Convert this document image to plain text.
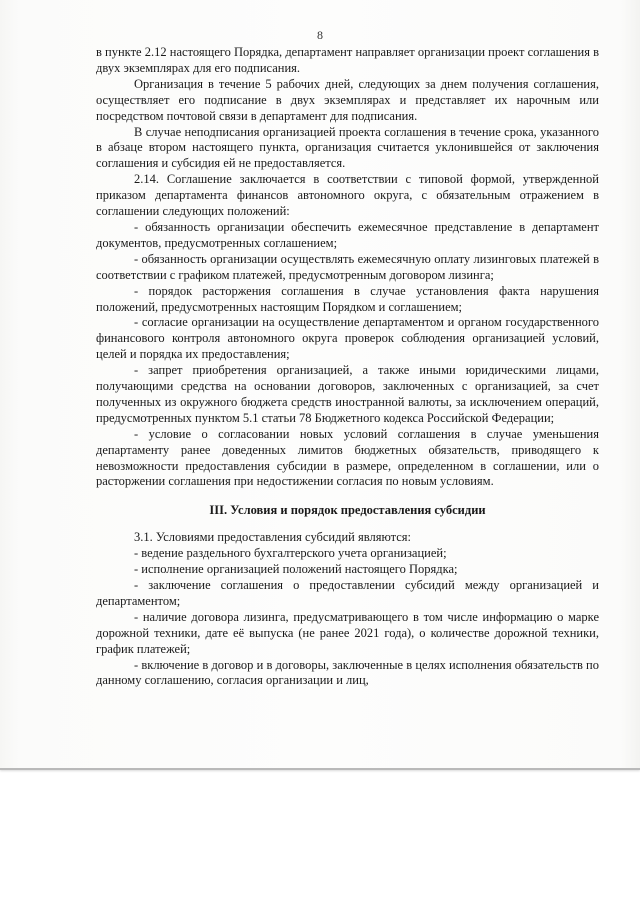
8

в пункте 2.12 настоящего Порядка, департамент направляет организации проект соглашения в двух экземплярах для его подписания.

Организация в течение 5 рабочих дней, следующих за днем получения соглашения, осуществляет его подписание в двух экземплярах и представляет их нарочным или посредством почтовой связи в департамент для подписания.

В случае неподписания организацией проекта соглашения в течение срока, указанного в абзаце втором настоящего пункта, организация считается уклонившейся от заключения соглашения и субсидия ей не предоставляется.

2.14. Соглашение заключается в соответствии с типовой формой, утвержденной приказом департамента финансов автономного округа, с обязательным отражением в соглашении следующих положений:

- обязанность организации обеспечить ежемесячное представление в департамент документов, предусмотренных соглашением;

- обязанность организации осуществлять ежемесячную оплату лизинговых платежей в соответствии с графиком платежей, предусмотренным договором лизинга;

- порядок расторжения соглашения в случае установления факта нарушения положений, предусмотренных настоящим Порядком и соглашением;

- согласие организации на осуществление департаментом и органом государственного финансового контроля автономного округа проверок соблюдения организацией условий, целей и порядка их предоставления;

- запрет приобретения организацией, а также иными юридическими лицами, получающими средства на основании договоров, заключенных с организацией, за счет полученных из окружного бюджета средств иностранной валюты, за исключением операций, предусмотренных пунктом 5.1 статьи 78 Бюджетного кодекса Российской Федерации;

- условие о согласовании новых условий соглашения в случае уменьшения департаменту ранее доведенных лимитов бюджетных обязательств, приводящего к невозможности предоставления субсидии в размере, определенном в соглашении, или о расторжении соглашения при недостижении согласия по новым условиям.

III. Условия и порядок предоставления субсидии

3.1. Условиями предоставления субсидий являются:

- ведение раздельного бухгалтерского учета организацией;

- исполнение организацией положений настоящего Порядка;

- заключение соглашения о предоставлении субсидий между организацией и департаментом;

- наличие договора лизинга, предусматривающего в том числе информацию о марке дорожной техники, дате её выпуска (не ранее 2021 года), о количестве дорожной техники, график платежей;

- включение в договор и в договоры, заключенные в целях исполнения обязательств по данному соглашению, согласия организации и лиц,
